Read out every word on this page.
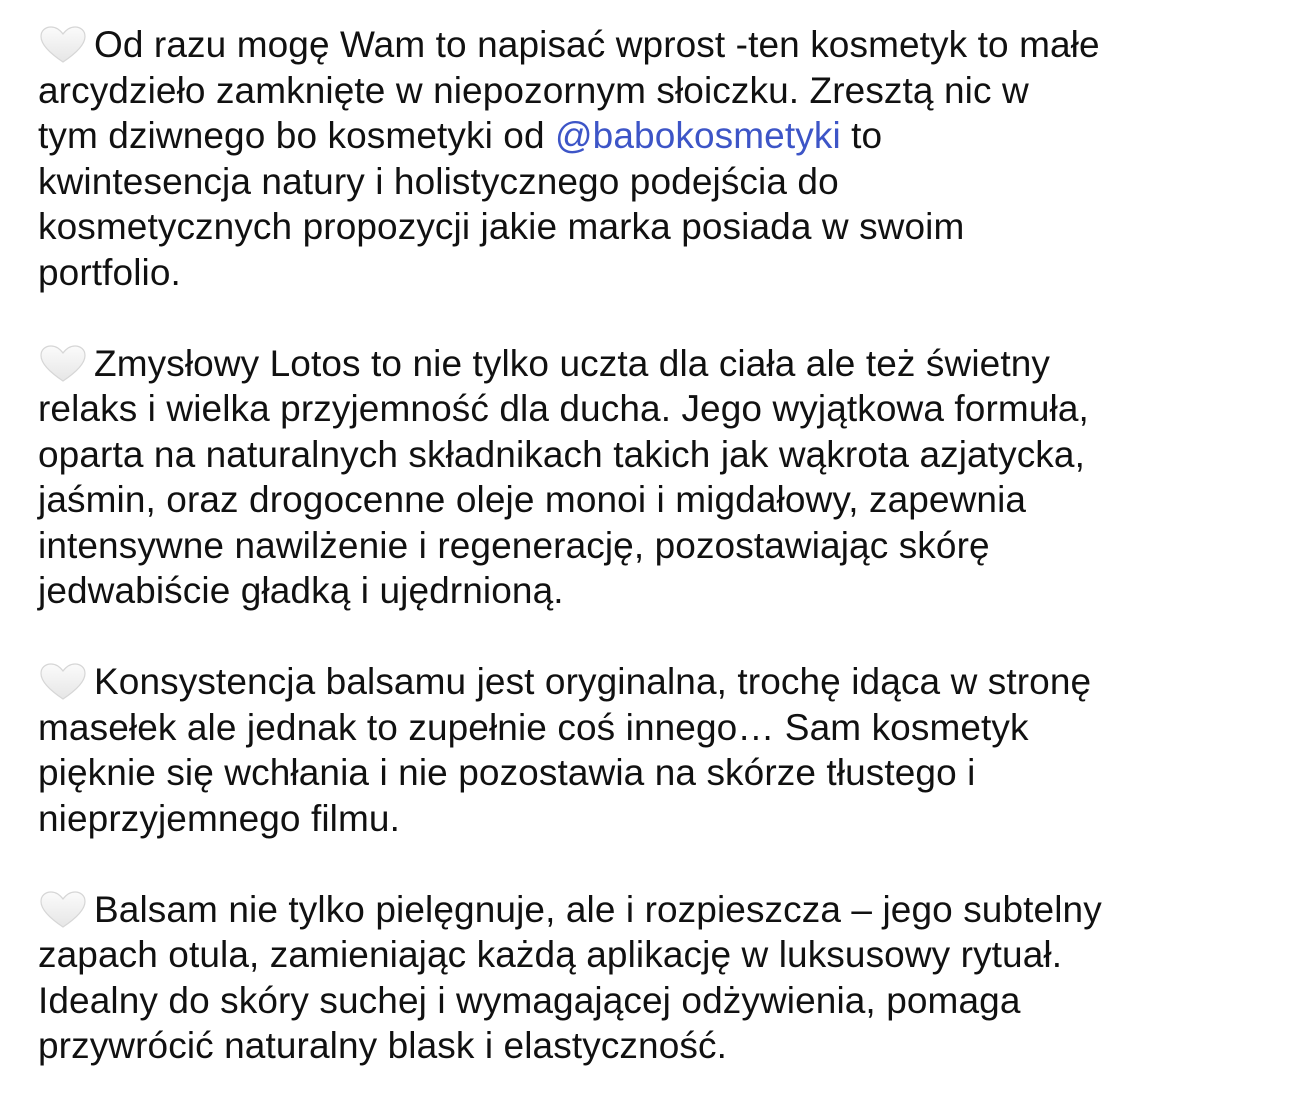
Od razu mogę Wam to napisać wprost -ten kosmetyk to małe
arcydzieło zamknięte w niepozornym słoiczku. Zresztą nic w
tym dziwnego bo kosmetyki od @babokosmetyki to
kwintesencja natury i holistycznego podejścia do
kosmetycznych propozycji jakie marka posiada w swoim
portfolio.
Zmysłowy Lotos to nie tylko uczta dla ciała ale też świetny
relaks i wielka przyjemność dla ducha. Jego wyjątkowa formuła,
oparta na naturalnych składnikach takich jak wąkrota azjatycka,
jaśmin, oraz drogocenne oleje monoi i migdałowy, zapewnia
intensywne nawilżenie i regenerację, pozostawiając skórę
jedwabiście gładką i ujędrnioną.
Konsystencja balsamu jest oryginalna, trochę idąca w stronę
masełek ale jednak to zupełnie coś innego… Sam kosmetyk
pięknie się wchłania i nie pozostawia na skórze tłustego i
nieprzyjemnego filmu.
Balsam nie tylko pielęgnuje, ale i rozpieszcza – jego subtelny
zapach otula, zamieniając każdą aplikację w luksusowy rytuał.
Idealny do skóry suchej i wymagającej odżywienia, pomaga
przywrócić naturalny blask i elastyczność.
